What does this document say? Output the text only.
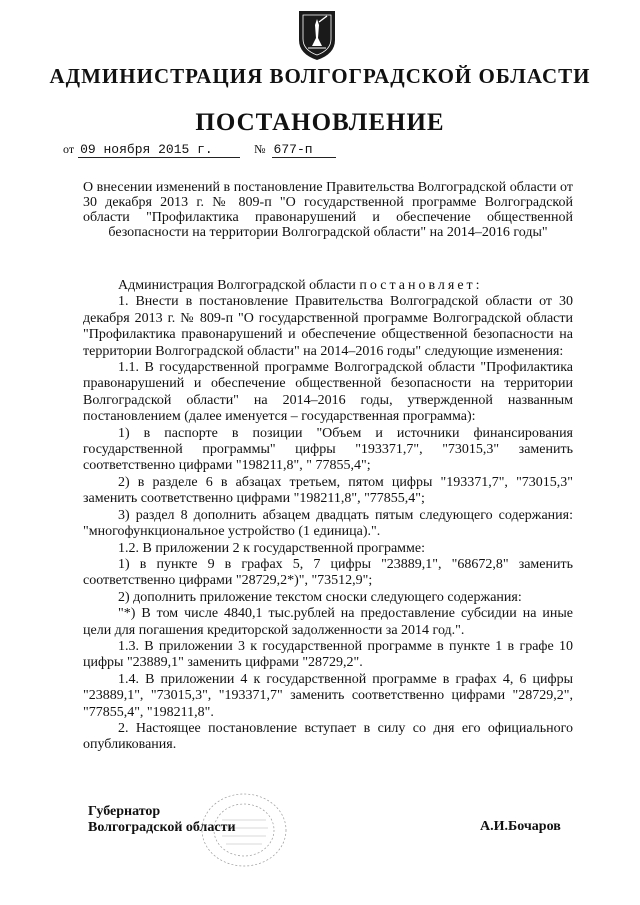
АДМИНИСТРАЦИЯ ВОЛГОГРАДСКОЙ ОБЛАСТИ
ПОСТАНОВЛЕНИЕ
от 09 ноября 2015 г.	№ 677-п
О внесении изменений в постановление Правительства Волгоградской области от 30 декабря 2013 г. № 809-п "О государственной программе Волгоградской области "Профилактика правонарушений и обеспечение общественной безопасности на территории Волгоградской области" на 2014–2016 годы"

Администрация Волгоградской области постановляет:

1. Внести в постановление Правительства Волгоградской области от 30 декабря 2013 г. № 809-п "О государственной программе Волгоградской области "Профилактика правонарушений и обеспечение общественной безопасности на территории Волгоградской области" на 2014–2016 годы" следующие изменения:

1.1. В государственной программе Волгоградской области "Профилактика правонарушений и обеспечение общественной безопасности на территории Волгоградской области" на 2014–2016 годы, утвержденной названным постановлением (далее именуется – государственная программа):

1) в паспорте в позиции "Объем и источники финансирования государственной программы" цифры "193371,7", "73015,3" заменить соответственно цифрами "198211,8", " 77855,4";

2) в разделе 6 в абзацах третьем, пятом цифры "193371,7", "73015,3" заменить соответственно цифрами "198211,8", "77855,4";

3) раздел 8 дополнить абзацем двадцать пятым следующего содержания: "многофункциональное устройство (1 единица).".

1.2. В приложении 2 к государственной программе:

1) в пункте 9 в графах 5, 7 цифры "23889,1", "68672,8" заменить соответственно цифрами "28729,2*)", "73512,9";

2) дополнить приложение текстом сноски следующего содержания:

"*) В том числе 4840,1 тыс.рублей на предоставление субсидии на иные цели для погашения кредиторской задолженности за 2014 год.".

1.3. В приложении 3 к государственной программе в пункте 1 в графе 10 цифры "23889,1" заменить цифрами "28729,2".

1.4. В приложении 4 к государственной программе в графах 4, 6 цифры "23889,1", "73015,3", "193371,7" заменить соответственно цифрами "28729,2", "77855,4", "198211,8".

2. Настоящее постановление вступает в силу со дня его официального опубликования.

Губернатор
Волгоградской области	А.И.Бочаров
